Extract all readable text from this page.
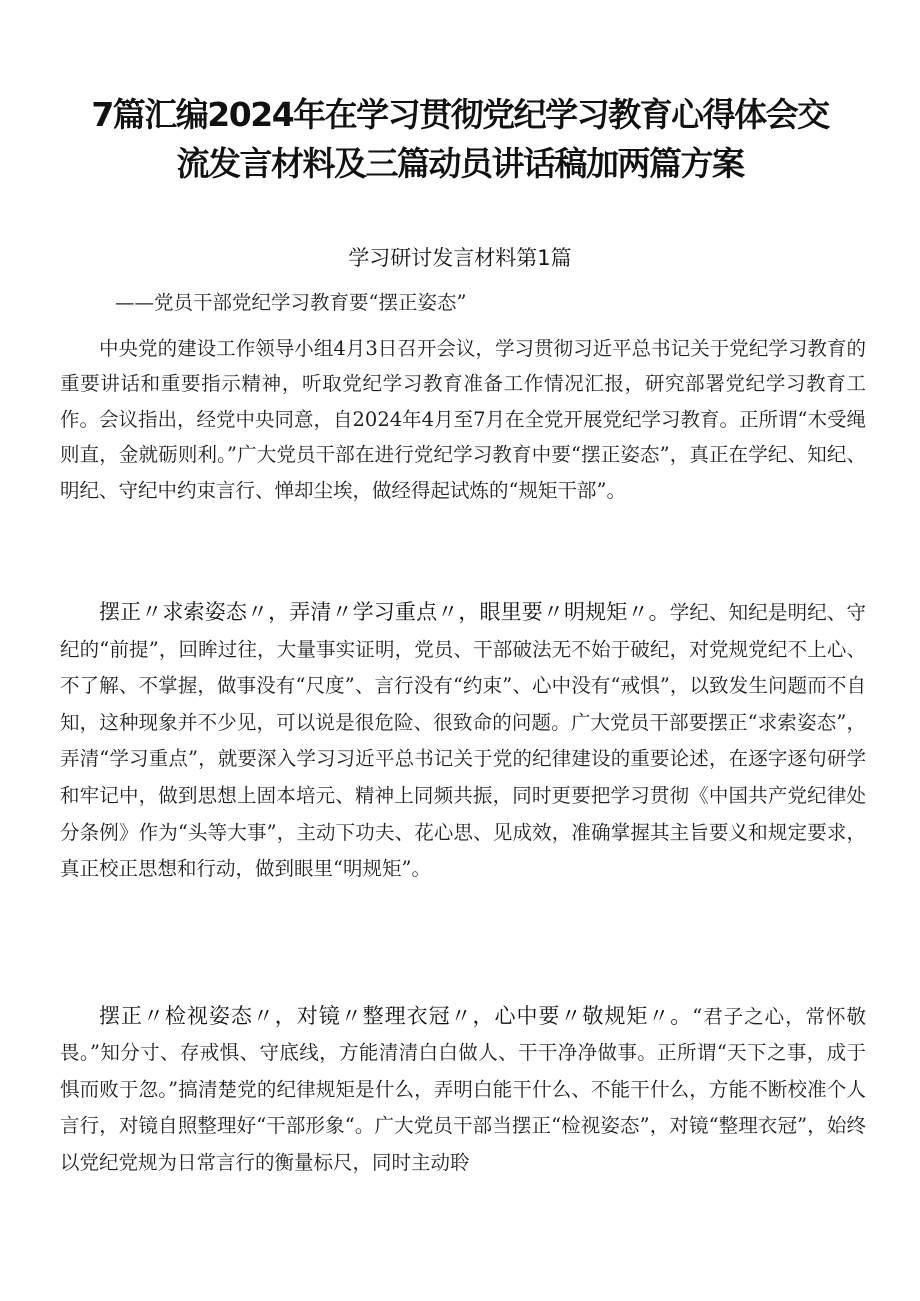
7篇汇编2024年在学习贯彻党纪学习教育心得体会交
流发言材料及三篇动员讲话稿加两篇方案
学习研讨发言材料第1篇
——党员干部党纪学习教育要“摆正姿态”

中央党的建设工作领导小组4月3日召开会议，学习贯彻习近平总书记关于党纪学习教育的重要讲话和重要指示精神，听取党纪学习教育准备工作情况汇报，研究部署党纪学习教育工作。会议指出，经党中央同意，自2024年4月至7月在全党开展党纪学习教育。正所谓“木受绳则直，金就砺则利。”广大党员干部在进行党纪学习教育中要“摆正姿态”，真正在学纪、知纪、明纪、守纪中约束言行、惮却尘埃，做经得起试炼的“规矩干部”。

摆正〃求索姿态〃，弄清〃学习重点〃，眼里要〃明规矩〃。学纪、知纪是明纪、守纪的“前提”，回眸过往，大量事实证明，党员、干部破法无不始于破纪，对党规党纪不上心、不了解、不掌握，做事没有“尺度”、言行没有“约束”、心中没有“戒惧”，以致发生问题而不自知，这种现象并不少见，可以说是很危险、很致命的问题。广大党员干部要摆正“求索姿态”，弄清“学习重点”，就要深入学习习近平总书记关于党的纪律建设的重要论述，在逐字逐句研学和牢记中，做到思想上固本培元、精神上同频共振，同时更要把学习贯彻《中国共产党纪律处分条例》作为“头等大事”，主动下功夫、花心思、见成效，准确掌握其主旨要义和规定要求，真正校正思想和行动，做到眼里“明规矩”。

摆正〃检视姿态〃，对镜〃整理衣冠〃，心中要〃敬规矩〃。“君子之心，常怀敬畏。”知分寸、存戒惧、守底线，方能清清白白做人、干干净净做事。正所谓“天下之事，成于惧而败于忽。”搞清楚党的纪律规矩是什么，弄明白能干什么、不能干什么，方能不断校准个人言行，对镜自照整理好“干部形象“。广大党员干部当摆正“检视姿态”，对镜“整理衣冠”，始终以党纪党规为日常言行的衡量标尺，同时主动聆
